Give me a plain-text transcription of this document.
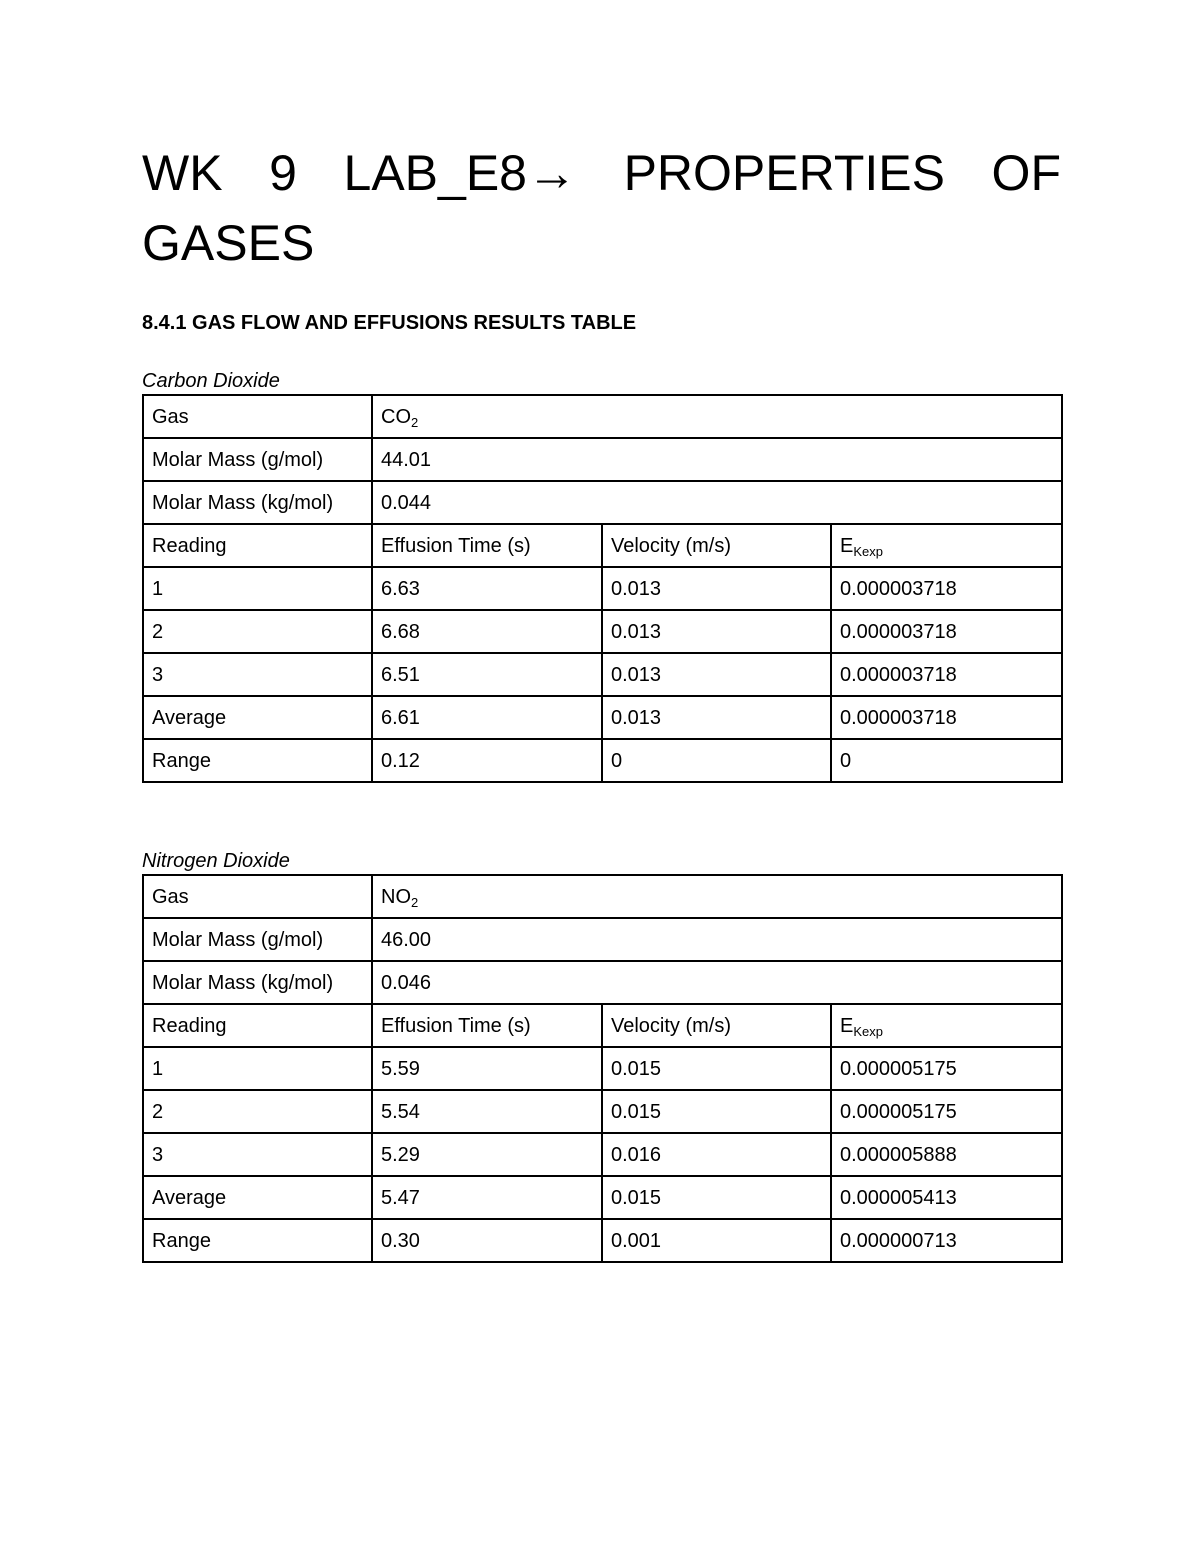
WK 9 LAB_E8→ PROPERTIES OF
GASES
8.4.1 GAS FLOW AND EFFUSIONS RESULTS TABLE

Carbon Dioxide

Gas	$CO_2$
Molar Mass (g/mol)	44.01		
Molar Mass (kg/mol)	0.044		
Reading	Effusion Time (s)	Velocity (m/s)	$E_{Kexp}$
1	6.63	0.013	0.000003718
2	6.68	0.013	0.000003718
3	6.51	0.013	0.000003718
Average	6.61	0.013	0.000003718
Range	0.12	0	0

Nitrogen Dioxide

Gas	$NO_2$
Molar Mass (g/mol)	46.00		
Molar Mass (kg/mol)	0.046		
Reading	Effusion Time (s)	Velocity (m/s)	$E_{Kexp}$
1	5.59	0.015	0.000005175
2	5.54	0.015	0.000005175
3	5.29	0.016	0.000005888
Average	5.47	0.015	0.000005413
Range	0.30	0.001	0.000000713
